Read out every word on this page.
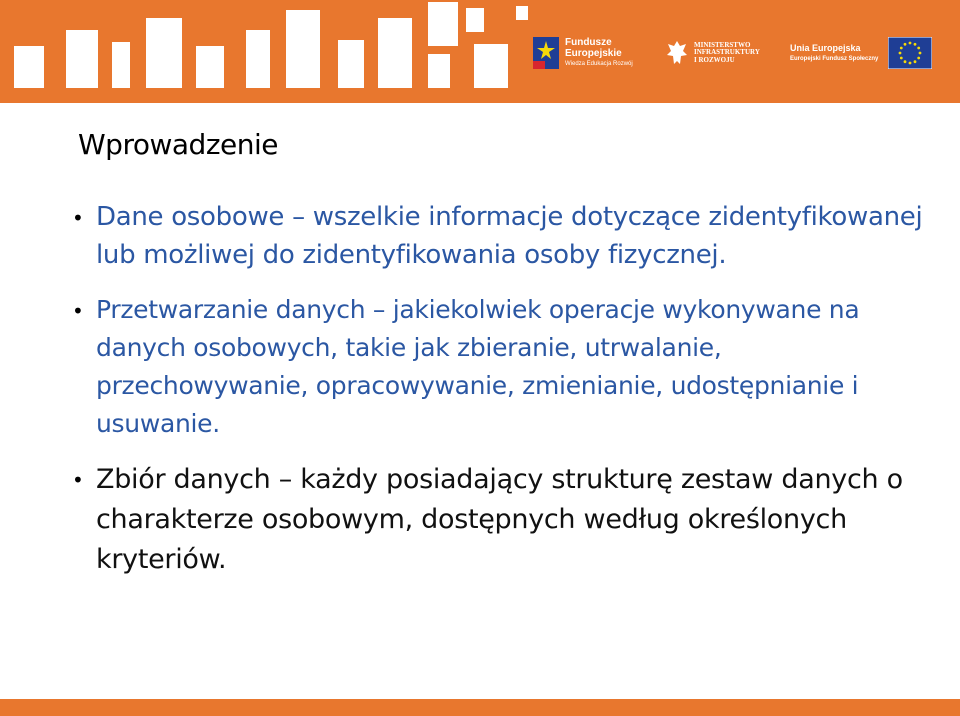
Fundusze
Europejskie
Wiedza Edukacja Rozwój
MINISTERSTWO
INFRASTRUKTURY
I ROZWOJU
Unia Europejska
Europejski Fundusz Społeczny
Wprowadzenie
• Dane osobowe – wszelkie informacje dotyczące zidentyfikowanej lub możliwej do zidentyfikowania osoby fizycznej.
• Przetwarzanie danych – jakiekolwiek operacje wykonywane na danych osobowych, takie jak zbieranie, utrwalanie, przechowywanie, opracowywanie, zmienianie, udostępnianie i usuwanie.
• Zbiór danych – każdy posiadający strukturę zestaw danych o charakterze osobowym, dostępnych według określonych kryteriów.
